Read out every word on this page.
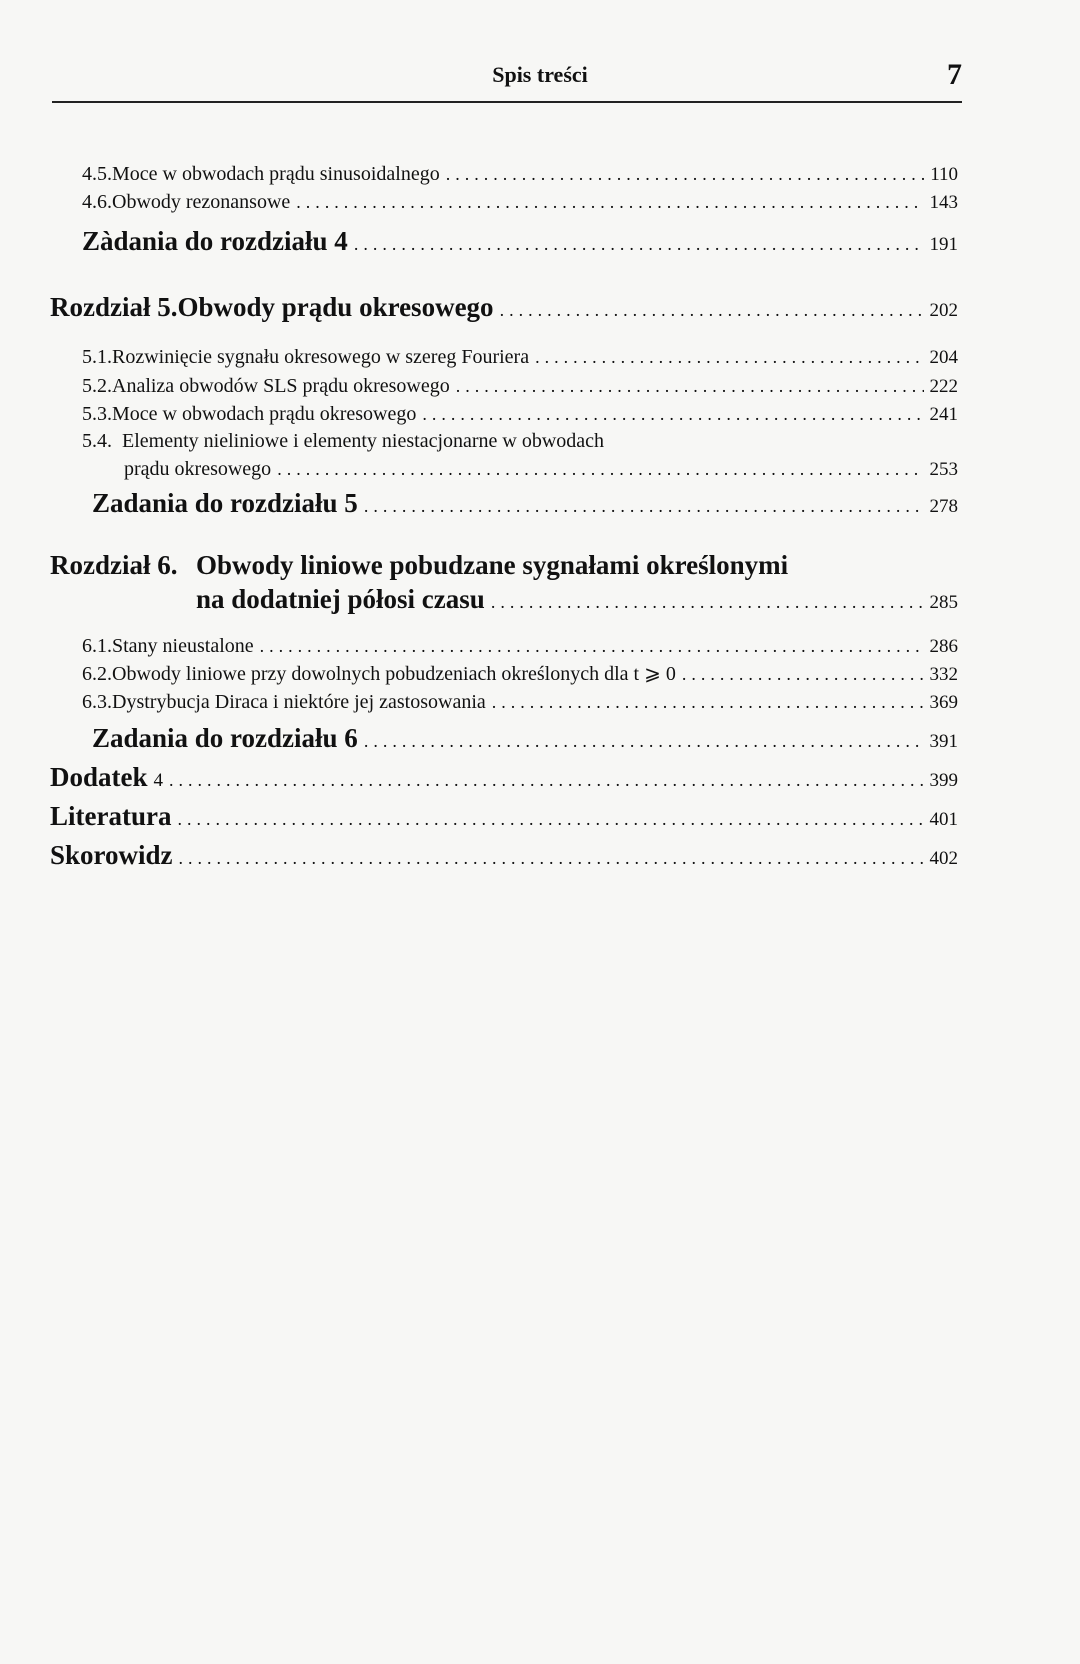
Spis treści	7
4.5. Moce w obwodach prądu sinusoidalnego .....	110
4.6. Obwody rezonansowe .....	143
Zàdania do rozdziału 4 .....	191
Rozdział 5. Obwody prądu okresowego .....	202
5.1. Rozwinięcie sygnału okresowego w szereg Fouriera .....	204
5.2. Analiza obwodów SLS prądu okresowego .....	222
5.3. Moce w obwodach prądu okresowego .....	241
5.4. Elementy nieliniowe i elementy niestacjonarne w obwodach
prądu okresowego .....	253
Zadania do rozdziału 5 .....	278
Rozdział 6. Obwody liniowe pobudzane sygnałami określonymi
na dodatniej półosi czasu .....	285
6.1. Stany nieustalone .....	286
6.2. Obwody liniowe przy dowolnych pobudzeniach określonych dla t ⩾ 0 .....	332
6.3. Dystrybucja Diraca i niektóre jej zastosowania .....	369
Zadania do rozdziału 6 .....	391
Dodatek 4 .....	399
Literatura .....	401
Skorowidz .....	402
